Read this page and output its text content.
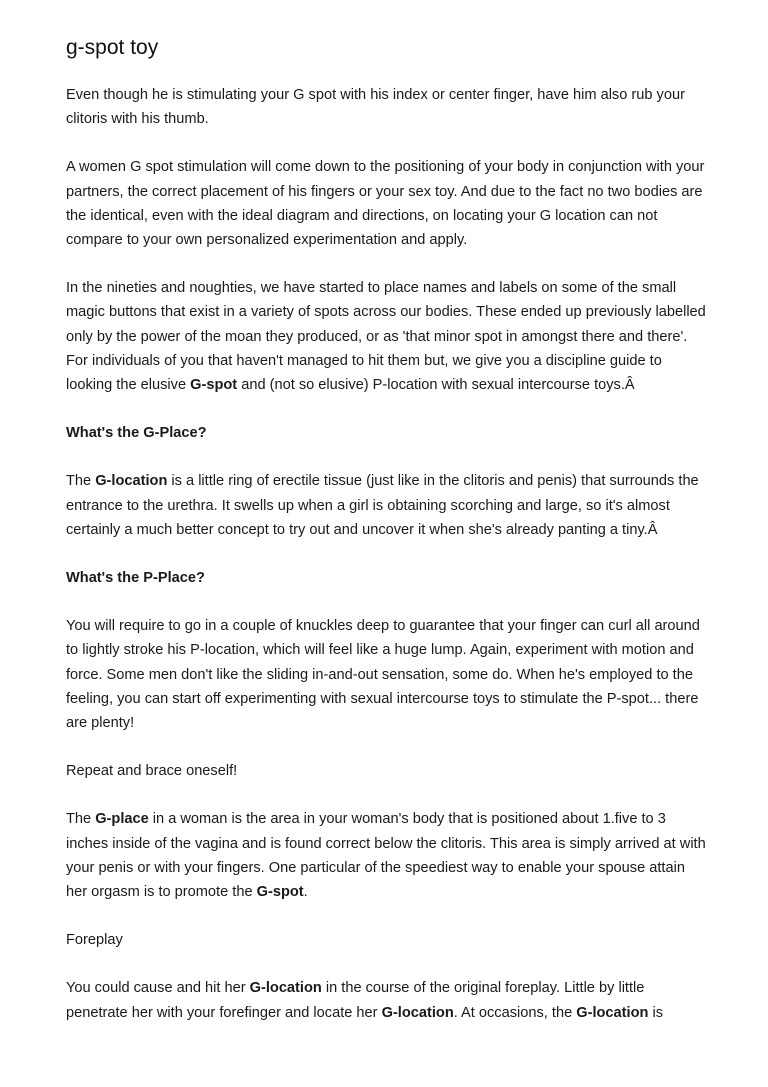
g-spot toy

Even though he is stimulating your G spot with his index or center finger, have him also rub your clitoris with his thumb.

A women G spot stimulation will come down to the positioning of your body in conjunction with your partners, the correct placement of his fingers or your sex toy. And due to the fact no two bodies are the identical, even with the ideal diagram and directions, on locating your G location can not compare to your own personalized experimentation and apply.

In the nineties and noughties, we have started to place names and labels on some of the small magic buttons that exist in a variety of spots across our bodies. These ended up previously labelled only by the power of the moan they produced, or as 'that minor spot in amongst there and there'. For individuals of you that haven't managed to hit them but, we give you a discipline guide to looking the elusive G-spot and (not so elusive) P-location with sexual intercourse toys.Â

What's the G-Place?

The G-location is a little ring of erectile tissue (just like in the clitoris and penis) that surrounds the entrance to the urethra. It swells up when a girl is obtaining scorching and large, so it's almost certainly a much better concept to try out and uncover it when she's already panting a tiny.Â

What's the P-Place?

You will require to go in a couple of knuckles deep to guarantee that your finger can curl all around to lightly stroke his P-location, which will feel like a huge lump. Again, experiment with motion and force. Some men don't like the sliding in-and-out sensation, some do. When he's employed to the feeling, you can start off experimenting with sexual intercourse toys to stimulate the P-spot... there are plenty!

Repeat and brace oneself!

The G-place in a woman is the area in your woman's body that is positioned about 1.five to 3 inches inside of the vagina and is found correct below the clitoris. This area is simply arrived at with your penis or with your fingers. One particular of the speediest way to enable your spouse attain her orgasm is to promote the G-spot.

Foreplay

You could cause and hit her G-location in the course of the original foreplay. Little by little penetrate her with your forefinger and locate her G-location. At occasions, the G-location is
